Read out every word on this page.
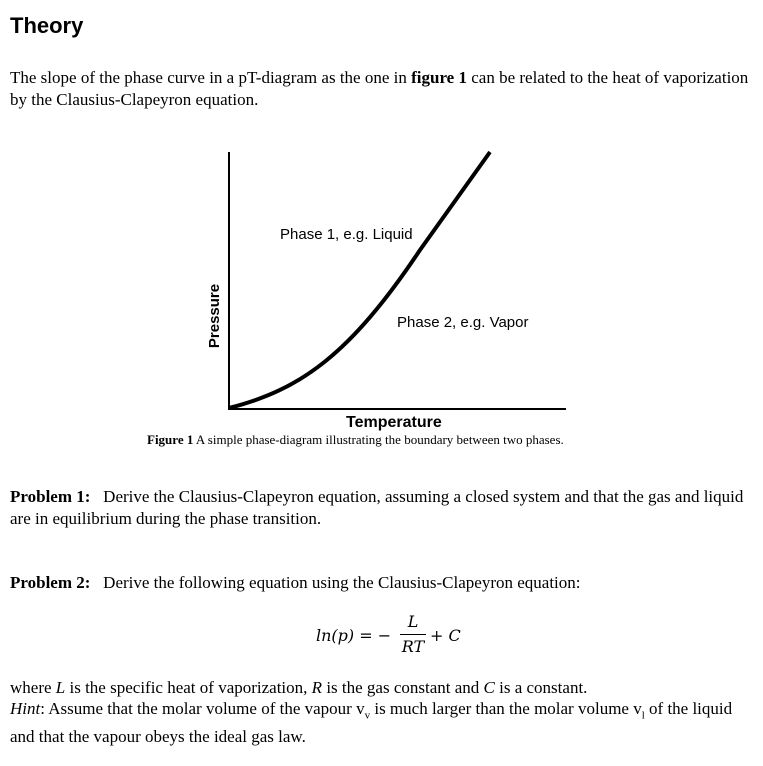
Theory
The slope of the phase curve in a pT-diagram as the one in figure 1 can be related to the heat of vaporization by the Clausius-Clapeyron equation.
Phase 1, e.g. Liquid
Phase 2, e.g. Vapor
Temperature
Pressure
Figure 1 A simple phase-diagram illustrating the boundary between two phases.
Problem 1: Derive the Clausius-Clapeyron equation, assuming a closed system and that the gas and liquid are in equilibrium during the phase transition.
Problem 2: Derive the following equation using the Clausius-Clapeyron equation:
ln(p) = −
L
RT
+ C
where L is the specific heat of vaporization, R is the gas constant and C is a constant.
Hint: Assume that the molar volume of the vapour $v_v$ is much larger than the molar volume $v_l$ of the liquid and that the vapour obeys the ideal gas law.
